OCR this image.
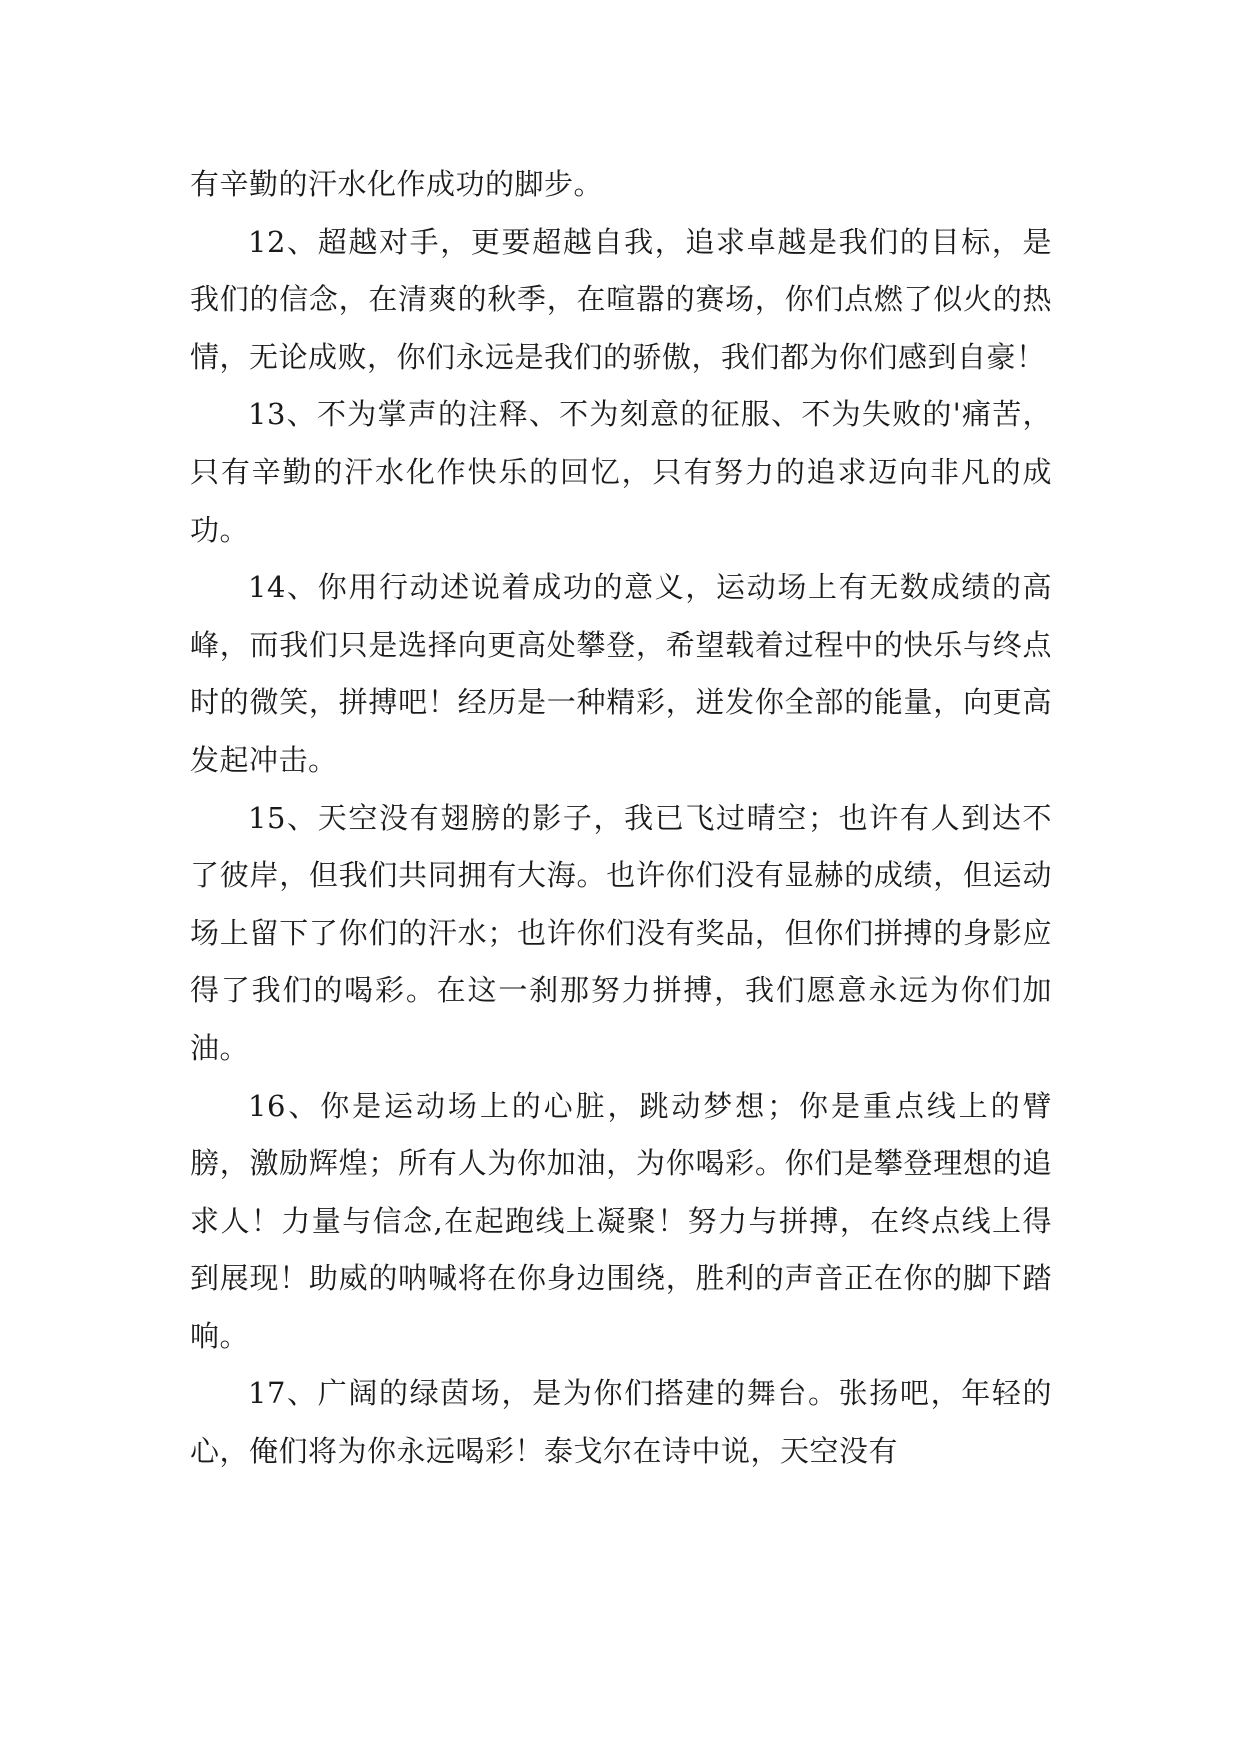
有辛勤的汗水化作成功的脚步。

12、超越对手，更要超越自我，追求卓越是我们的目标，是我们的信念，在清爽的秋季，在喧嚣的赛场，你们点燃了似火的热情，无论成败，你们永远是我们的骄傲，我们都为你们感到自豪！

13、不为掌声的注释、不为刻意的征服、不为失败的'痛苦，只有辛勤的汗水化作快乐的回忆，只有努力的追求迈向非凡的成功。

14、你用行动述说着成功的意义，运动场上有无数成绩的高峰，而我们只是选择向更高处攀登，希望载着过程中的快乐与终点时的微笑，拼搏吧！经历是一种精彩，迸发你全部的能量，向更高发起冲击。

15、天空没有翅膀的影子，我已飞过晴空；也许有人到达不了彼岸，但我们共同拥有大海。也许你们没有显赫的成绩，但运动场上留下了你们的汗水；也许你们没有奖品，但你们拼搏的身影应得了我们的喝彩。在这一刹那努力拼搏，我们愿意永远为你们加油。

16、你是运动场上的心脏，跳动梦想；你是重点线上的臂膀，激励辉煌；所有人为你加油，为你喝彩。你们是攀登理想的追求人！力量与信念,在起跑线上凝聚！努力与拼搏，在终点线上得到展现！助威的呐喊将在你身边围绕，胜利的声音正在你的脚下踏响。

17、广阔的绿茵场，是为你们搭建的舞台。张扬吧，年轻的心，俺们将为你永远喝彩！泰戈尔在诗中说，天空没有
